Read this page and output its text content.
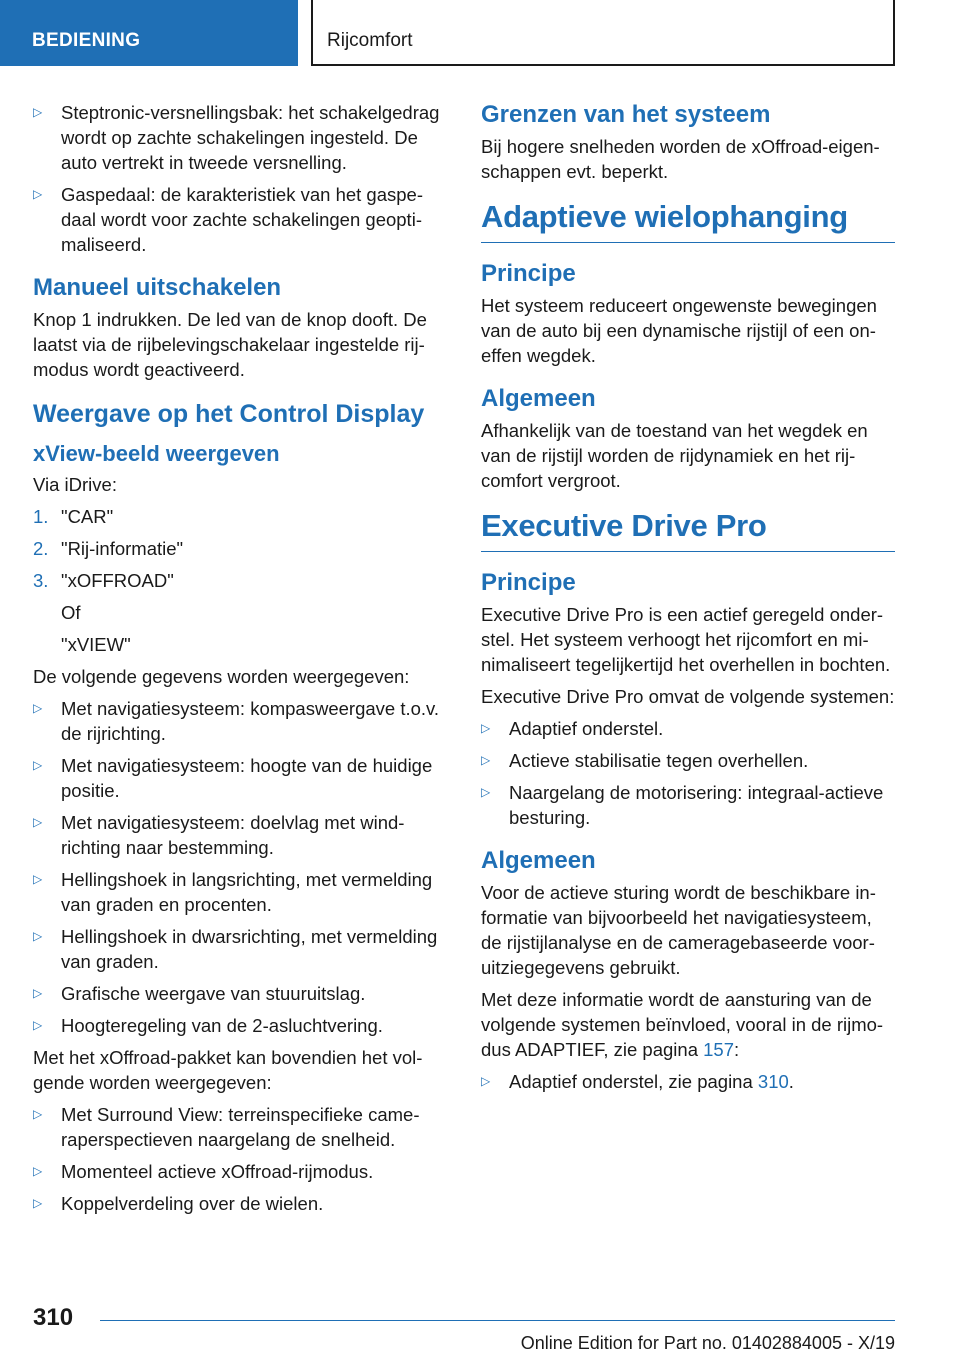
BEDIENING	Rijcomfort
▷ Steptronic-versnellingsbak: het schakelgedrag wordt op zachte schakelingen ingesteld. De auto vertrekt in tweede versnelling.
▷ Gaspedaal: de karakteristiek van het gaspedaal wordt voor zachte schakelingen geoptimaliseerd.
Manueel uitschakelen

Knop 1 indrukken. De led van de knop dooft. De laatst via de rijbelevingschakelaar ingestelde rijmodus wordt geactiveerd.

Weergave op het Control Display
xView-beeld weergeven

Via iDrive:

1. "CAR"
2. "Rij-informatie"
3. "xOFFROAD"
Of
"xVIEW"

De volgende gegevens worden weergegeven:

▷ Met navigatiesysteem: kompasweergave t.o.v. de rijrichting.
▷ Met navigatiesysteem: hoogte van de huidige positie.
▷ Met navigatiesysteem: doelvlag met windrichting naar bestemming.
▷ Hellingshoek in langsrichting, met vermelding van graden en procenten.
▷ Hellingshoek in dwarsrichting, met vermelding van graden.
▷ Grafische weergave van stuuruitslag.
▷ Hoogteregeling van de 2-asluchtvering.

Met het xOffroad-pakket kan bovendien het volgende worden weergegeven:

▷ Met Surround View: terreinspecifieke cameraperspectieven naargelang de snelheid.
▷ Momenteel actieve xOffroad-rijmodus.
▷ Koppelverdeling over de wielen.
Grenzen van het systeem

Bij hogere snelheden worden de xOffroad-eigenschappen evt. beperkt.

Adaptieve wielophanging
Principe

Het systeem reduceert ongewenste bewegingen van de auto bij een dynamische rijstijl of een oneffen wegdek.

Algemeen

Afhankelijk van de toestand van het wegdek en van de rijstijl worden de rijdynamiek en het rijcomfort vergroot.

Executive Drive Pro
Principe

Executive Drive Pro is een actief geregeld onderstel. Het systeem verhoogt het rijcomfort en minimaliseert tegelijkertijd het overhellen in bochten.

Executive Drive Pro omvat de volgende systemen:

▷ Adaptief onderstel.
▷ Actieve stabilisatie tegen overhellen.
▷ Naargelang de motorisering: integraal-actieve besturing.
Algemeen

Voor de actieve sturing wordt de beschikbare informatie van bijvoorbeeld het navigatiesysteem, de rijstijlanalyse en de cameragebaseerde vooruitziegegevens gebruikt.

Met deze informatie wordt de aansturing van de volgende systemen beïnvloed, vooral in de rijmodus ADAPTIEF, zie pagina 157:

▷ Adaptief onderstel, zie pagina 310.
310
Online Edition for Part no. 01402884005 - X/19
